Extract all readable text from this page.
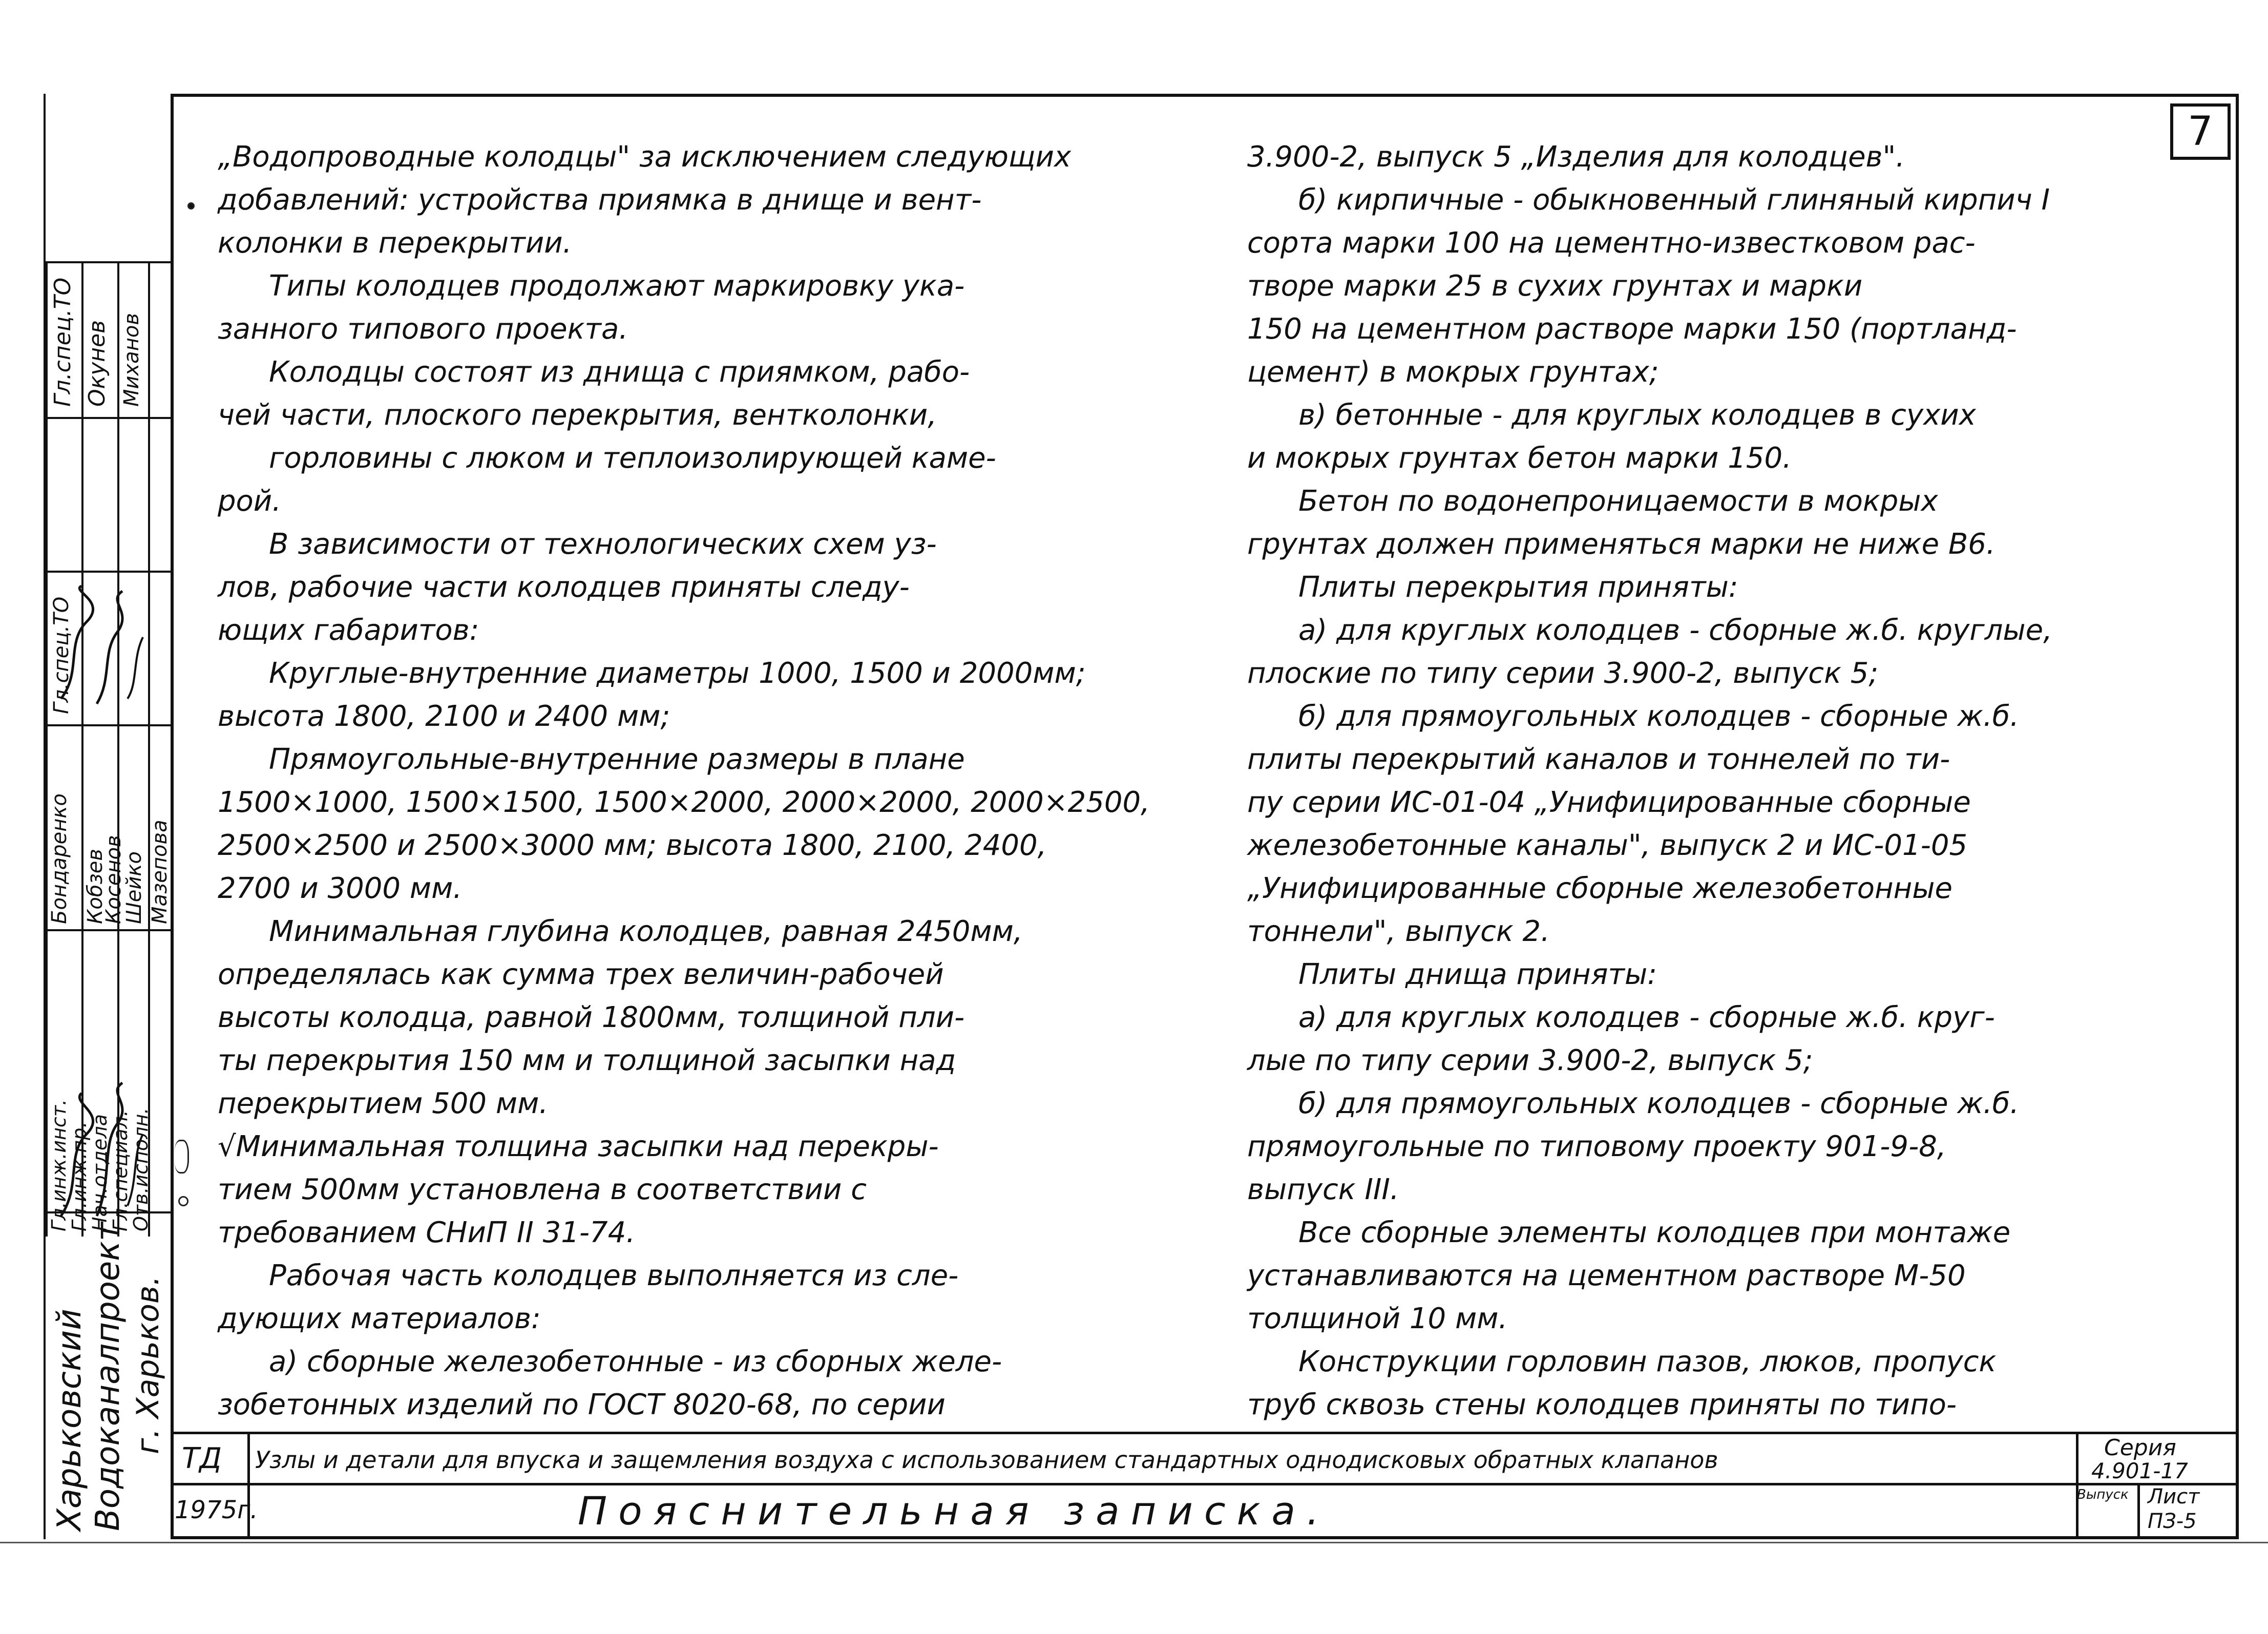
7
Гл.спец.ТО Окунев Миханов
Гл.спец.ТО
Гл.инж.инст.
Гл.инж.пр.
Нач.отдела
Гл.специал.
Отв.исполн.
Бондаренко Кобзев
Косенов
Шейко Мазепова
Харьковский Водоканалпроект г. Харьков.

„Водопроводные колодцы" за исключением следующих

добавлений: устройства приямка в днище и вент-

колонки в перекрытии.

Типы колодцев продолжают маркировку ука-

занного типового проекта.

Колодцы состоят из днища с приямком, рабо-

чей части, плоского перекрытия, вентколонки,

горловины с люком и теплоизолирующей каме-

рой.

В зависимости от технологических схем уз-

лов, рабочие части колодцев приняты следу-

ющих габаритов:

Круглые-внутренние диаметры 1000, 1500 и 2000мм;

высота 1800, 2100 и 2400 мм;

Прямоугольные-внутренние размеры в плане

1500×1000, 1500×1500, 1500×2000, 2000×2000, 2000×2500,

2500×2500 и 2500×3000 мм; высота 1800, 2100, 2400,

2700 и 3000 мм.

Минимальная глубина колодцев, равная 2450мм,

определялась как сумма трех величин-рабочей

высоты колодца, равной 1800мм, толщиной пли-

ты перекрытия 150 мм и толщиной засыпки над

перекрытием 500 мм.

√Минимальная толщина засыпки над перекры-

тием 500мм установлена в соответствии с

требованием СНиП II 31-74.

Рабочая часть колодцев выполняется из сле-

дующих материалов:

а) сборные железобетонные - из сборных желе-

зобетонных изделий по ГОСТ 8020-68, по серии

3.900-2, выпуск 5 „Изделия для колодцев".

б) кирпичные - обыкновенный глиняный кирпич I

сорта марки 100 на цементно-известковом рас-

творе марки 25 в сухих грунтах и марки

150 на цементном растворе марки 150 (портланд-

цемент) в мокрых грунтах;

в) бетонные - для круглых колодцев в сухих

и мокрых грунтах бетон марки 150.

Бетон по водонепроницаемости в мокрых

грунтах должен применяться марки не ниже В6.

Плиты перекрытия приняты:

а) для круглых колодцев - сборные ж.б. круглые,

плоские по типу серии 3.900-2, выпуск 5;

б) для прямоугольных колодцев - сборные ж.б.

плиты перекрытий каналов и тоннелей по ти-

пу серии ИС-01-04 „Унифицированные сборные

железобетонные каналы", выпуск 2 и ИС-01-05

„Унифицированные сборные железобетонные

тоннели", выпуск 2.

Плиты днища приняты:

а) для круглых колодцев - сборные ж.б. круг-

лые по типу серии 3.900-2, выпуск 5;

б) для прямоугольных колодцев - сборные ж.б.

прямоугольные по типовому проекту 901-9-8,

выпуск III.

Все сборные элементы колодцев при монтаже

устанавливаются на цементном растворе М-50

толщиной 10 мм.

Конструкции горловин пазов, люков, пропуск

труб сквозь стены колодцев приняты по типо-

ТД Узлы и детали для впуска и защемления воздуха с использованием стандартных однодисковых обратных клапанов
1975г.	Пояснительная записка.
Серия
4.901-17
Выпуск Лист
ПЗ-5
